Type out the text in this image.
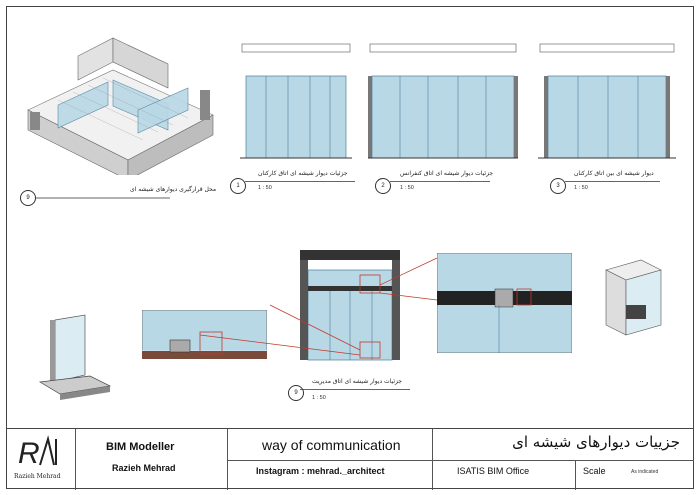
9
محل قرارگیری دیوارهای شیشه ای	1
جزئیات دیوار شیشه ای اتاق کارکنان
1 : 50	2
جزئیات دیوار شیشه ای اتاق کنفرانس
1 : 50	3
دیوار شیشه ای بین اتاق کارکنان
1 : 50
9
جزئیات دیوار شیشه ای اتاق مدیریت
1 : 50
R
Razieh Mehrad
BIM Modeller
Razieh Mehrad
way of communication
Instagram : mehrad._architect
جزییات دیوارهای شیشه ای
ISATIS BIM Office	Scale	As indicated
